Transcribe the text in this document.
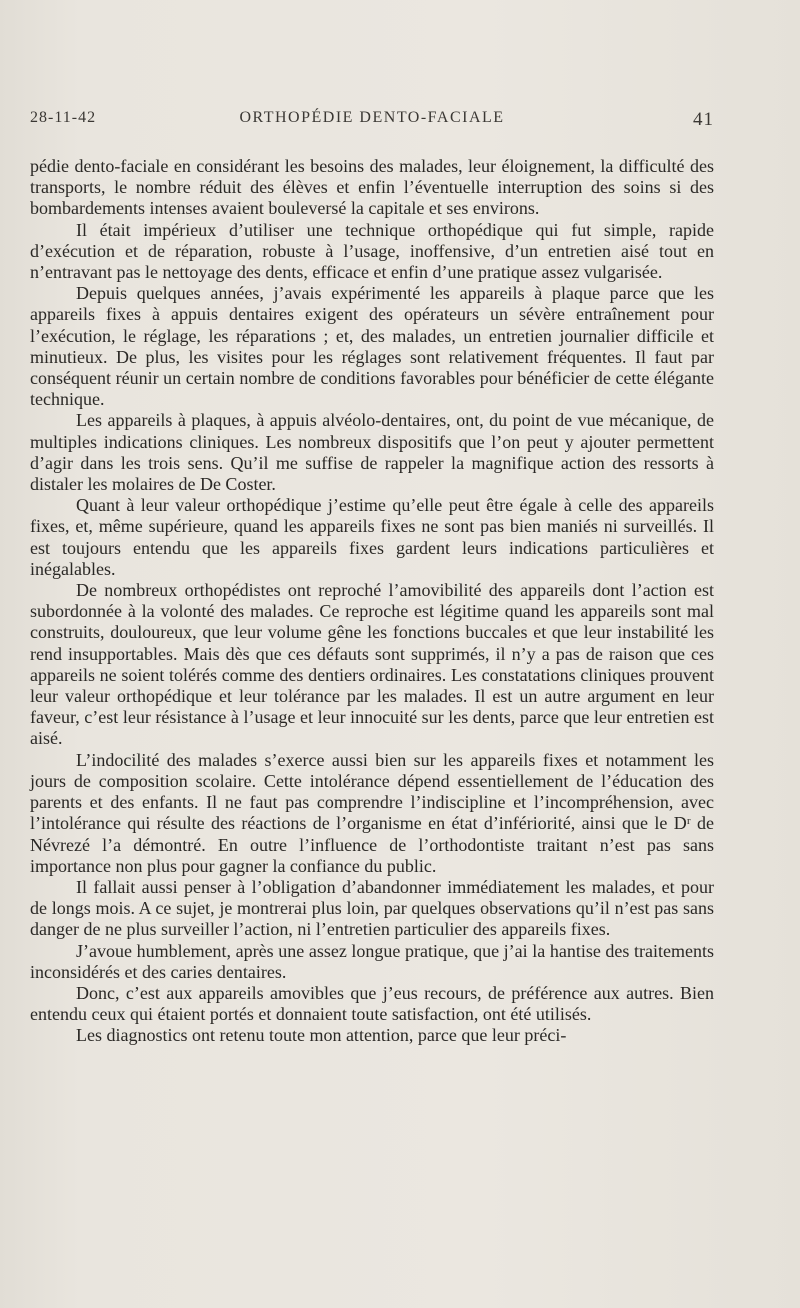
28-11-42	ORTHOPÉDIE DENTO-FACIALE	41

pédie dento-faciale en considérant les besoins des malades, leur éloignement, la difficulté des transports, le nombre réduit des élèves et enfin l’éventuelle interruption des soins si des bombardements intenses avaient bouleversé la capitale et ses environs.

Il était impérieux d’utiliser une technique orthopédique qui fut simple, rapide d’exécution et de réparation, robuste à l’usage, inoffensive, d’un entretien aisé tout en n’entravant pas le nettoyage des dents, efficace et enfin d’une pratique assez vulgarisée.

Depuis quelques années, j’avais expérimenté les appareils à plaque parce que les appareils fixes à appuis dentaires exigent des opérateurs un sévère entraînement pour l’exécution, le réglage, les réparations ; et, des malades, un entretien journalier difficile et minutieux. De plus, les visites pour les réglages sont relativement fréquentes. Il faut par conséquent réunir un certain nombre de conditions favorables pour bénéficier de cette élégante technique.

Les appareils à plaques, à appuis alvéolo-dentaires, ont, du point de vue mécanique, de multiples indications cliniques. Les nombreux dispositifs que l’on peut y ajouter permettent d’agir dans les trois sens. Qu’il me suffise de rappeler la magnifique action des ressorts à distaler les molaires de De Coster.

Quant à leur valeur orthopédique j’estime qu’elle peut être égale à celle des appareils fixes, et, même supérieure, quand les appareils fixes ne sont pas bien maniés ni surveillés. Il est toujours entendu que les appareils fixes gardent leurs indications particulières et inégalables.

De nombreux orthopédistes ont reproché l’amovibilité des appareils dont l’action est subordonnée à la volonté des malades. Ce reproche est légitime quand les appareils sont mal construits, douloureux, que leur volume gêne les fonctions buccales et que leur instabilité les rend insupportables. Mais dès que ces défauts sont supprimés, il n’y a pas de raison que ces appareils ne soient tolérés comme des dentiers ordinaires. Les constatations cliniques prouvent leur valeur orthopédique et leur tolérance par les malades. Il est un autre argument en leur faveur, c’est leur résistance à l’usage et leur innocuité sur les dents, parce que leur entretien est aisé.

L’indocilité des malades s’exerce aussi bien sur les appareils fixes et notamment les jours de composition scolaire. Cette intolérance dépend essentiellement de l’éducation des parents et des enfants. Il ne faut pas comprendre l’indiscipline et l’incompréhension, avec l’intolérance qui résulte des réactions de l’organisme en état d’infériorité, ainsi que le Dʳ de Névrezé l’a démontré. En outre l’influence de l’orthodontiste traitant n’est pas sans importance non plus pour gagner la confiance du public.

Il fallait aussi penser à l’obligation d’abandonner immédiatement les malades, et pour de longs mois. A ce sujet, je montrerai plus loin, par quelques observations qu’il n’est pas sans danger de ne plus surveiller l’action, ni l’entretien particulier des appareils fixes.

J’avoue humblement, après une assez longue pratique, que j’ai la hantise des traitements inconsidérés et des caries dentaires.

Donc, c’est aux appareils amovibles que j’eus recours, de préférence aux autres. Bien entendu ceux qui étaient portés et donnaient toute satisfaction, ont été utilisés.

Les diagnostics ont retenu toute mon attention, parce que leur préci-
